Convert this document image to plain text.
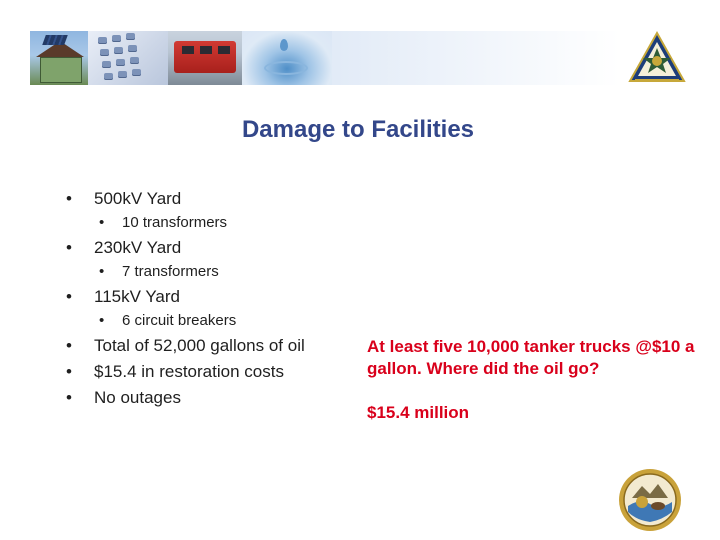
Damage to Facilities
• 500kV Yard
• 10 transformers
• 230kV Yard
• 7 transformers
• 115kV Yard
• 6 circuit breakers
• Total of 52,000 gallons of oil
• $15.4 in restoration costs
• No outages
At least five 10,000 tanker trucks @$10 a gallon. Where did the oil go?
$15.4 million
